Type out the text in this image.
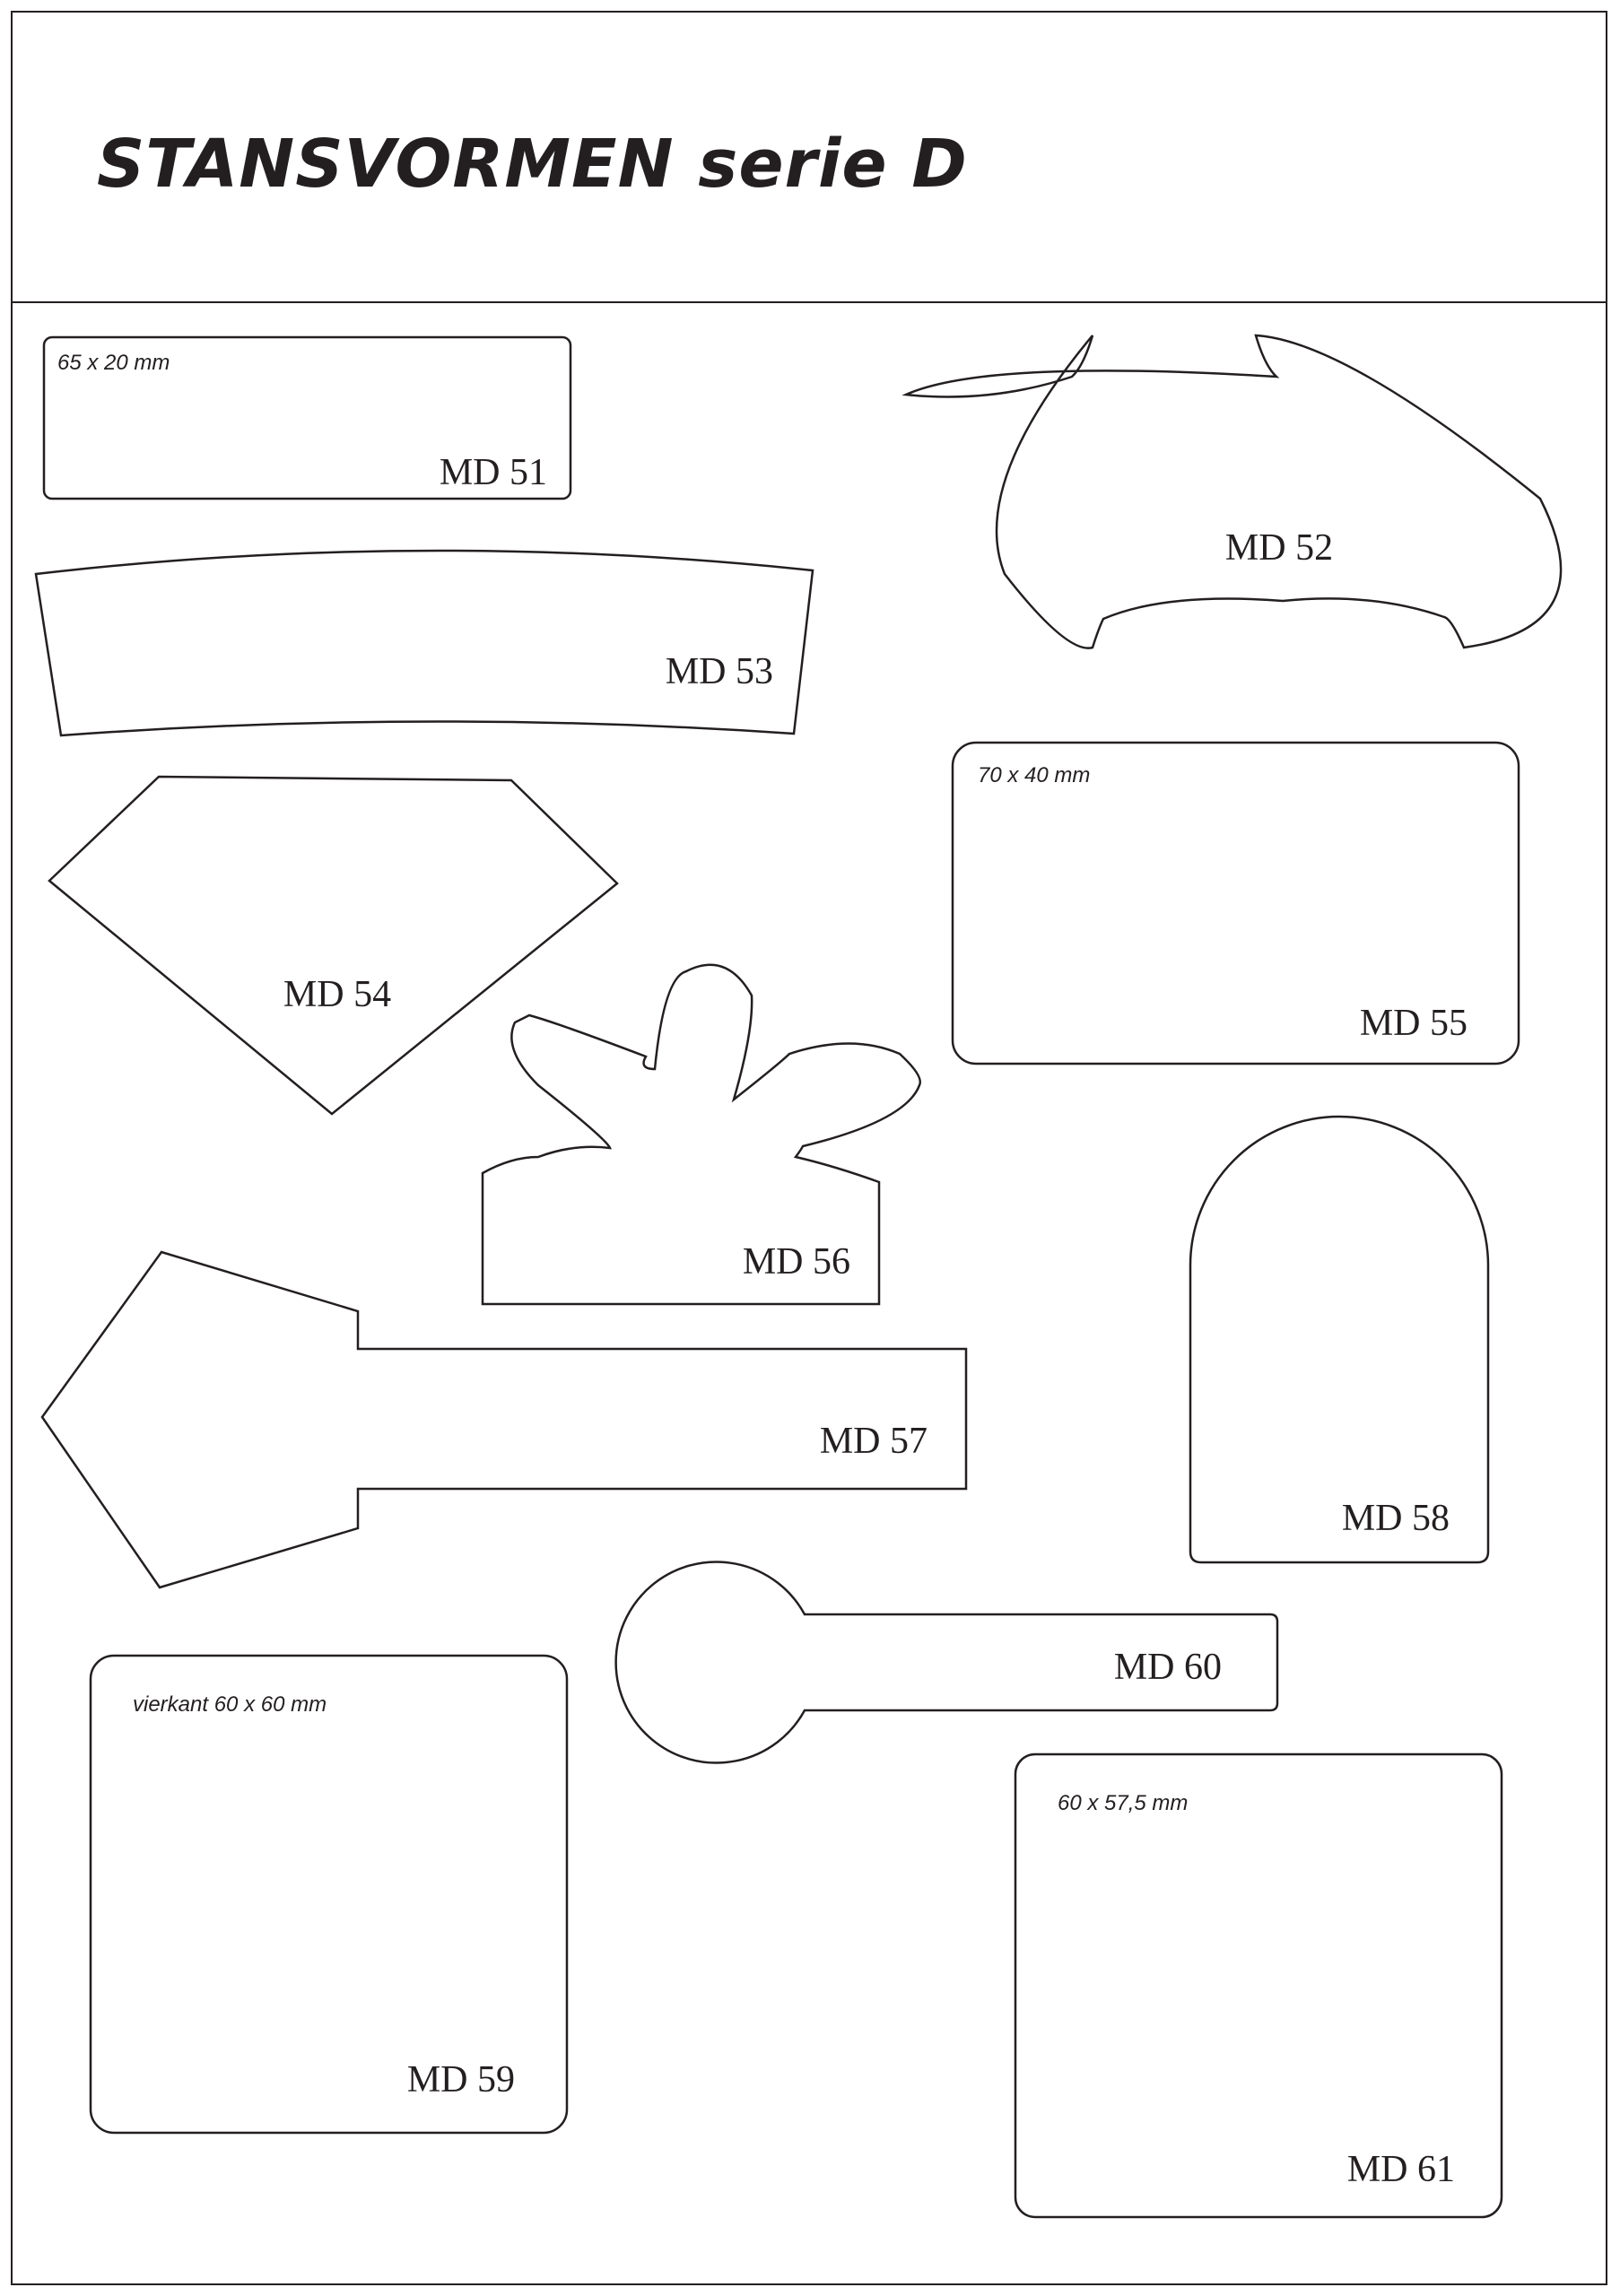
STANSVORMEN serie D
65 x 20 mm
MD 51
MD 52
MD 53
MD 54
70 x 40 mm
MD 55
MD 56
MD 57
MD 58
MD 60
vierkant 60 x 60 mm
MD 59
60 x 57,5 mm
MD 61
